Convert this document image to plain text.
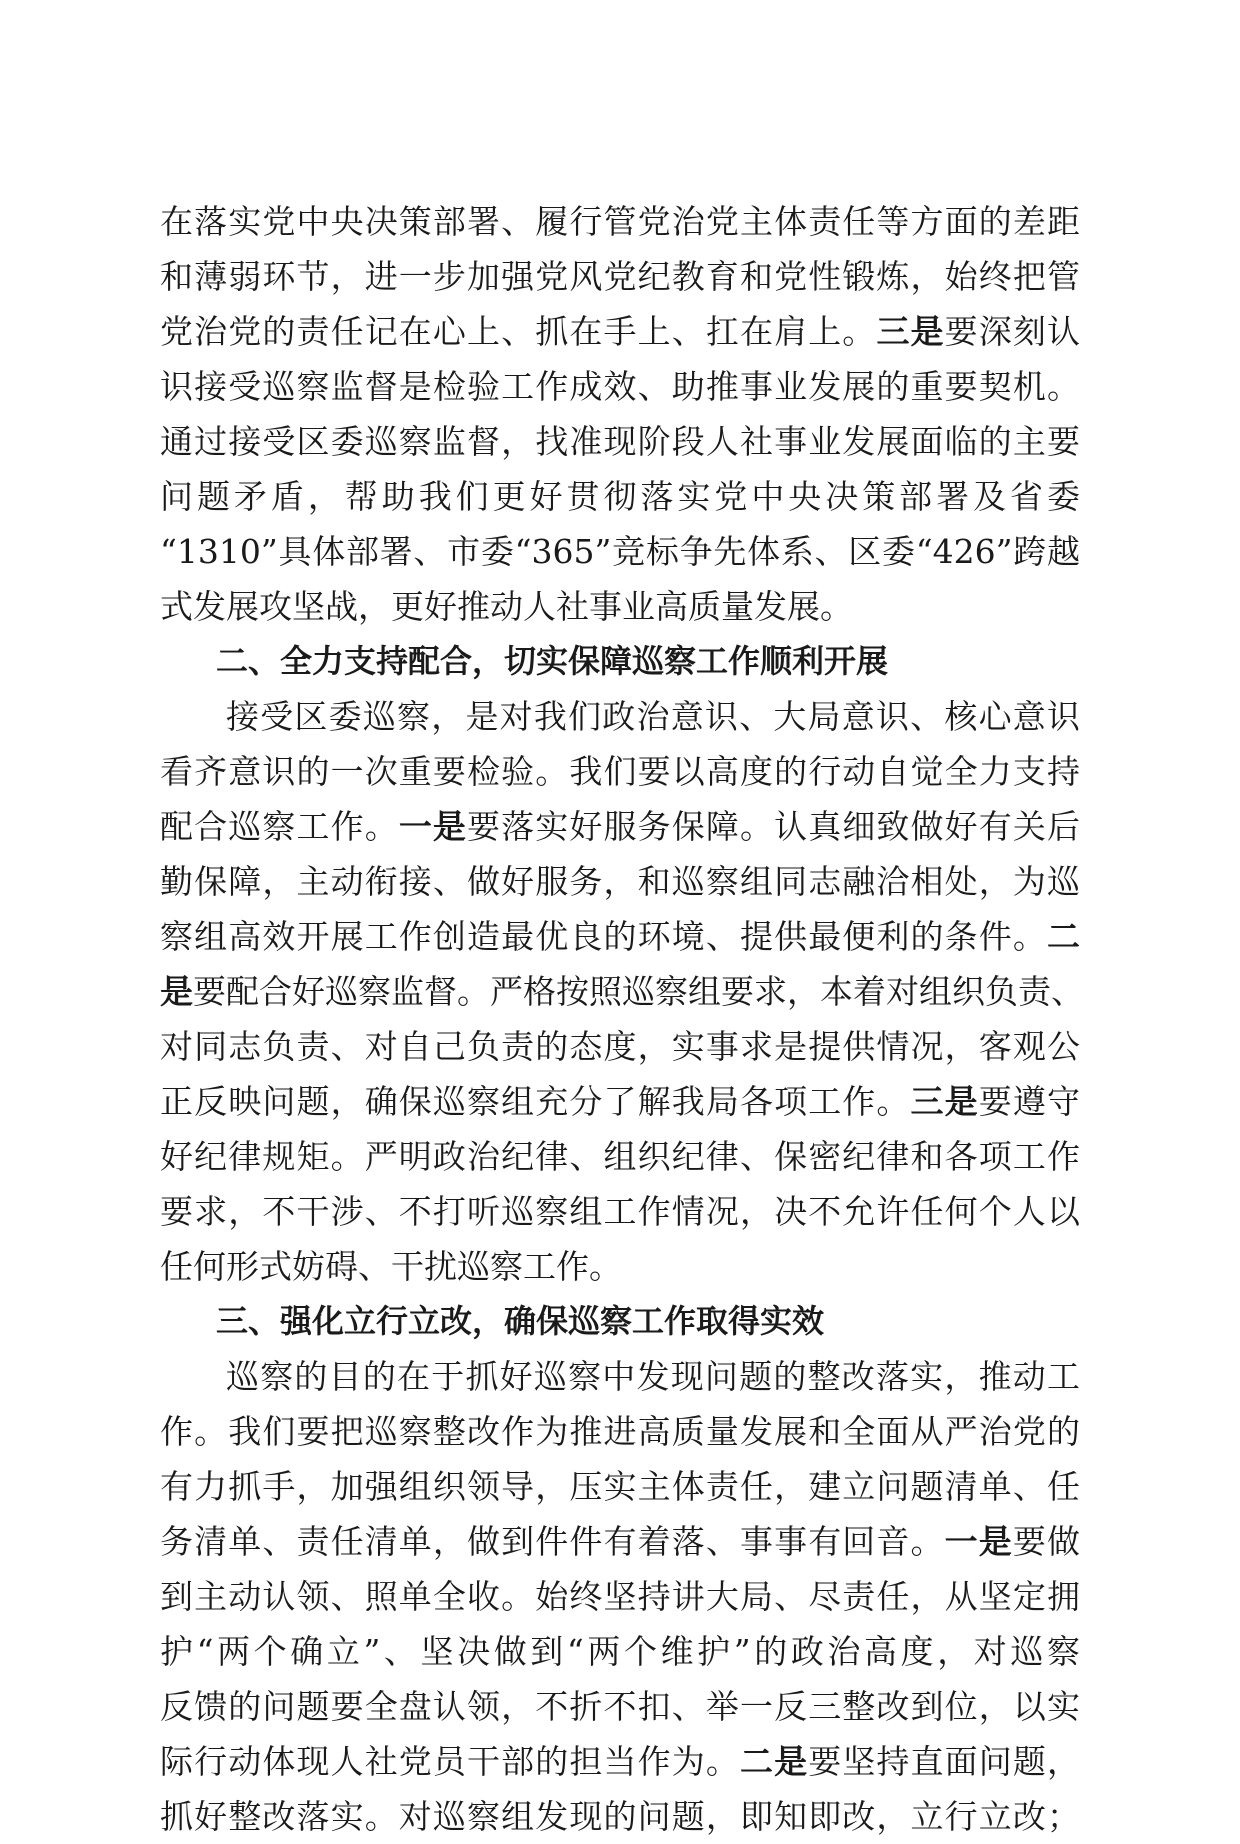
在落实党中央决策部署、履行管党治党主体责任等方面的差距
和薄弱环节，进一步加强党风党纪教育和党性锻炼，始终把管
党治党的责任记在心上、抓在手上、扛在肩上。三是要深刻认
识接受巡察监督是检验工作成效、助推事业发展的重要契机。
通过接受区委巡察监督，找准现阶段人社事业发展面临的主要
问题矛盾，帮助我们更好贯彻落实党中央决策部署及省委
“1310”具体部署、市委“365”竞标争先体系、区委“426”跨越
式发展攻坚战，更好推动人社事业高质量发展。
二、全力支持配合，切实保障巡察工作顺利开展
接受区委巡察，是对我们政治意识、大局意识、核心意识
看齐意识的一次重要检验。我们要以高度的行动自觉全力支持
配合巡察工作。一是要落实好服务保障。认真细致做好有关后
勤保障，主动衔接、做好服务，和巡察组同志融洽相处，为巡
察组高效开展工作创造最优良的环境、提供最便利的条件。二
是要配合好巡察监督。严格按照巡察组要求，本着对组织负责、
对同志负责、对自己负责的态度，实事求是提供情况，客观公
正反映问题，确保巡察组充分了解我局各项工作。三是要遵守
好纪律规矩。严明政治纪律、组织纪律、保密纪律和各项工作
要求，不干涉、不打听巡察组工作情况，决不允许任何个人以
任何形式妨碍、干扰巡察工作。
三、强化立行立改，确保巡察工作取得实效
巡察的目的在于抓好巡察中发现问题的整改落实，推动工
作。我们要把巡察整改作为推进高质量发展和全面从严治党的
有力抓手，加强组织领导，压实主体责任，建立问题清单、任
务清单、责任清单，做到件件有着落、事事有回音。一是要做
到主动认领、照单全收。始终坚持讲大局、尽责任，从坚定拥
护“两个确立”、坚决做到“两个维护”的政治高度，对巡察
反馈的问题要全盘认领，不折不扣、举一反三整改到位，以实
际行动体现人社党员干部的担当作为。二是要坚持直面问题，
抓好整改落实。对巡察组发现的问题，即知即改，立行立改；
